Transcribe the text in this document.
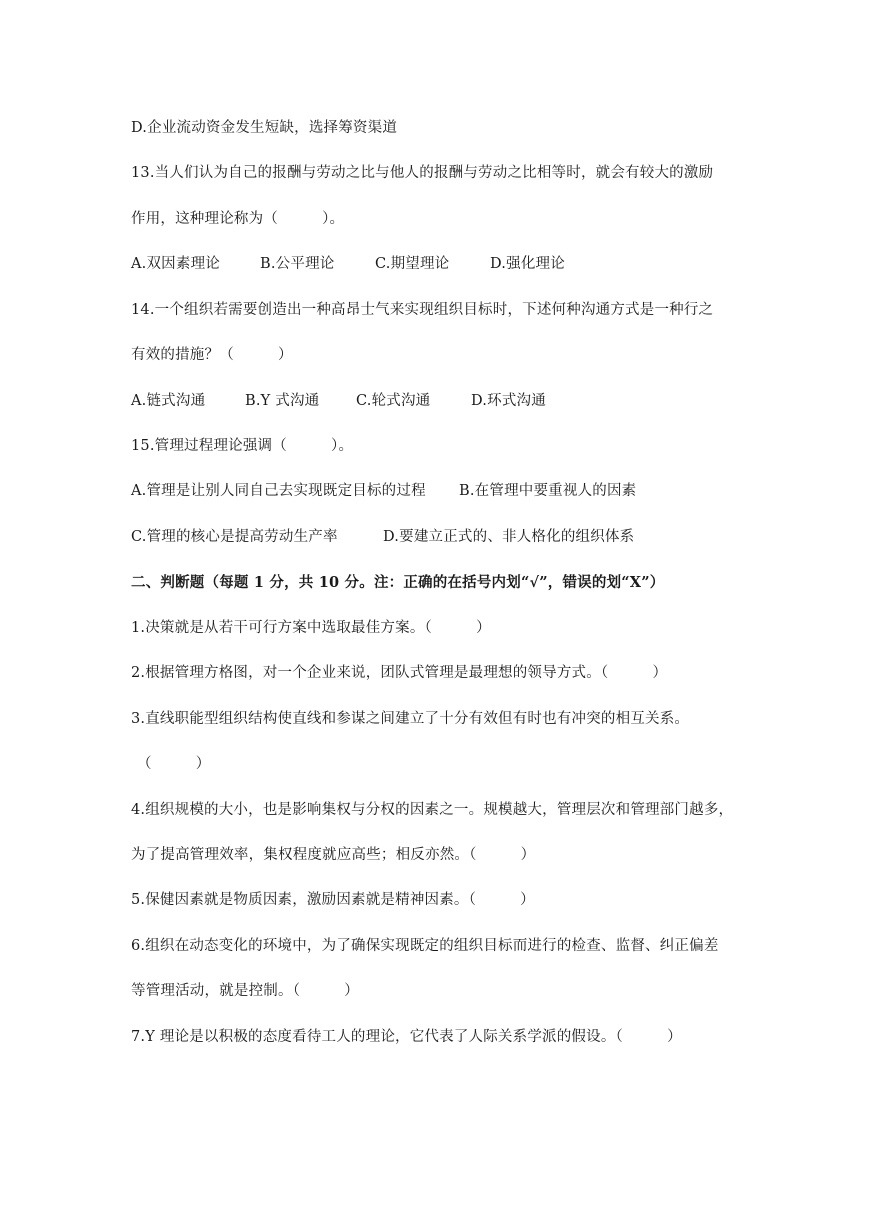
D.企业流动资金发生短缺，选择筹资渠道
13.当人们认为自己的报酬与劳动之比与他人的报酬与劳动之比相等时，就会有较大的激励
作用，这种理论称为（　　　）。
A.双因素理论	B.公平理论	C.期望理论	D.强化理论
14.一个组织若需要创造出一种高昂士气来实现组织目标时，下述何种沟通方式是一种行之
有效的措施？（　　　）
A.链式沟通	B.Y 式沟通	C.轮式沟通	D.环式沟通
15.管理过程理论强调（　　　）。
A.管理是让别人同自己去实现既定目标的过程 B.在管理中要重视人的因素
C.管理的核心是提高劳动生产率	D.要建立正式的、非人格化的组织体系
二、判断题（每题 1 分，共 10 分。注：正确的在括号内划“√”，错误的划“X”）
1.决策就是从若干可行方案中选取最佳方案。（　　　）
2.根据管理方格图，对一个企业来说，团队式管理是最理想的领导方式。（　　　）
3.直线职能型组织结构使直线和参谋之间建立了十分有效但有时也有冲突的相互关系。
（　　　）
4.组织规模的大小，也是影响集权与分权的因素之一。规模越大，管理层次和管理部门越多，
为了提高管理效率，集权程度就应高些；相反亦然。（　　　）
5.保健因素就是物质因素，激励因素就是精神因素。（　　　）
6.组织在动态变化的环境中，为了确保实现既定的组织目标而进行的检查、监督、纠正偏差
等管理活动，就是控制。（　　　）
7.Y 理论是以积极的态度看待工人的理论，它代表了人际关系学派的假设。（　　　）
